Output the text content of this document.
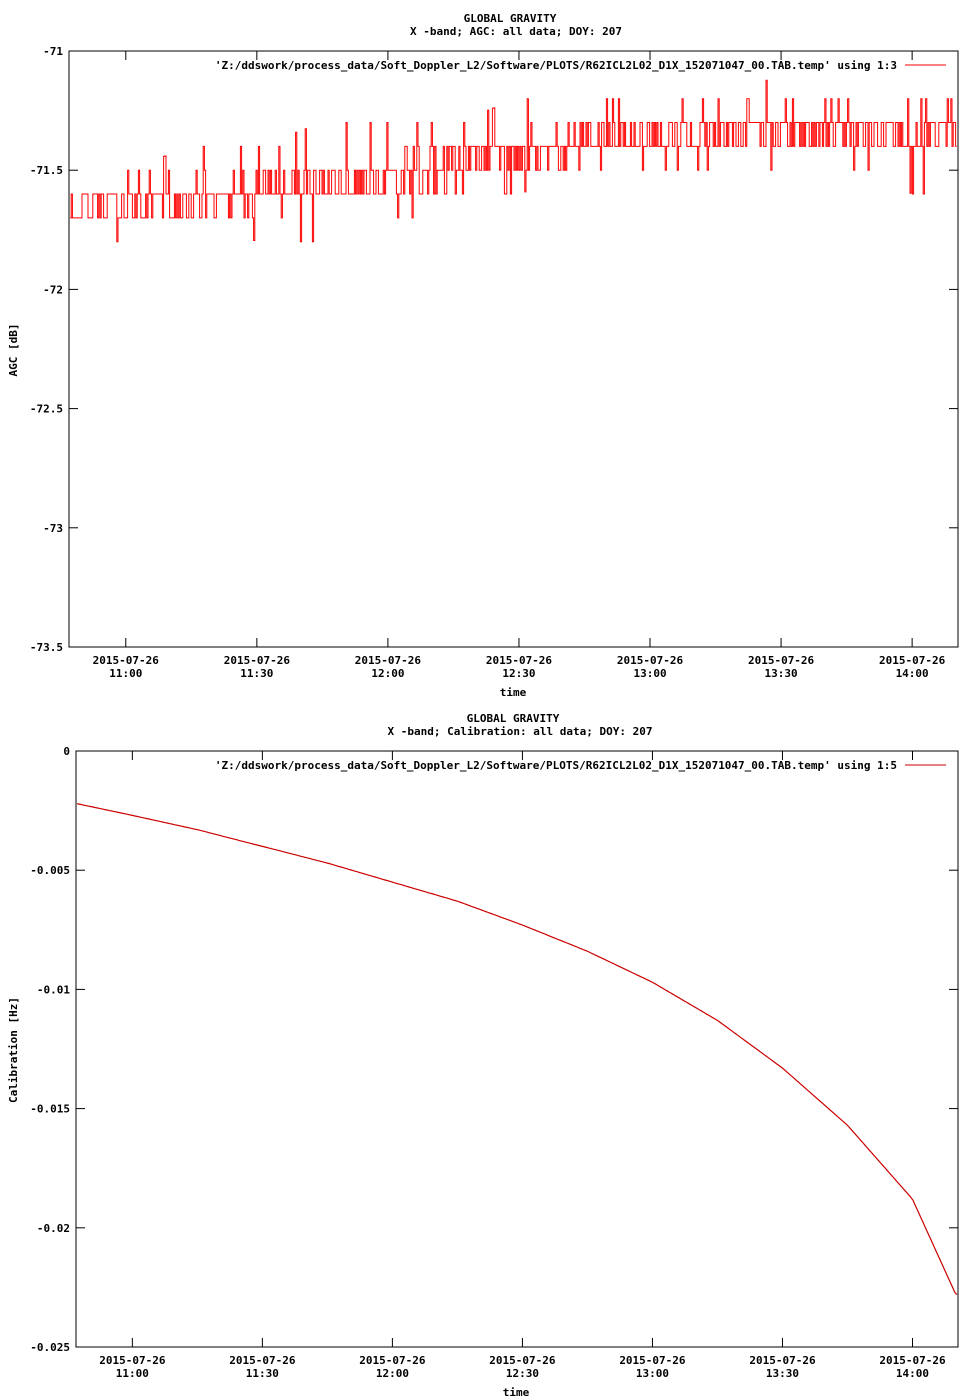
GLOBAL GRAVITY
X -band; AGC: all data; DOY: 207
AGC [dB]
time
'Z:/ddswork/process_data/Soft_Doppler_L2/Software/PLOTS/R62ICL2L02_D1X_152071047_00.TAB.temp' using 1:3
-71
-71.5
-72
-72.5
-73
-73.5
2015-07-26
11:00
2015-07-26
11:30
2015-07-26
12:00
2015-07-26
12:30
2015-07-26
13:00
2015-07-26
13:30
2015-07-26
14:00
GLOBAL GRAVITY
X -band; Calibration: all data; DOY: 207
Calibration [Hz]
time
'Z:/ddswork/process_data/Soft_Doppler_L2/Software/PLOTS/R62ICL2L02_D1X_152071047_00.TAB.temp' using 1:5
0
-0.005
-0.01
-0.015
-0.02
-0.025
2015-07-26
11:00
2015-07-26
11:30
2015-07-26
12:00
2015-07-26
12:30
2015-07-26
13:00
2015-07-26
13:30
2015-07-26
14:00
